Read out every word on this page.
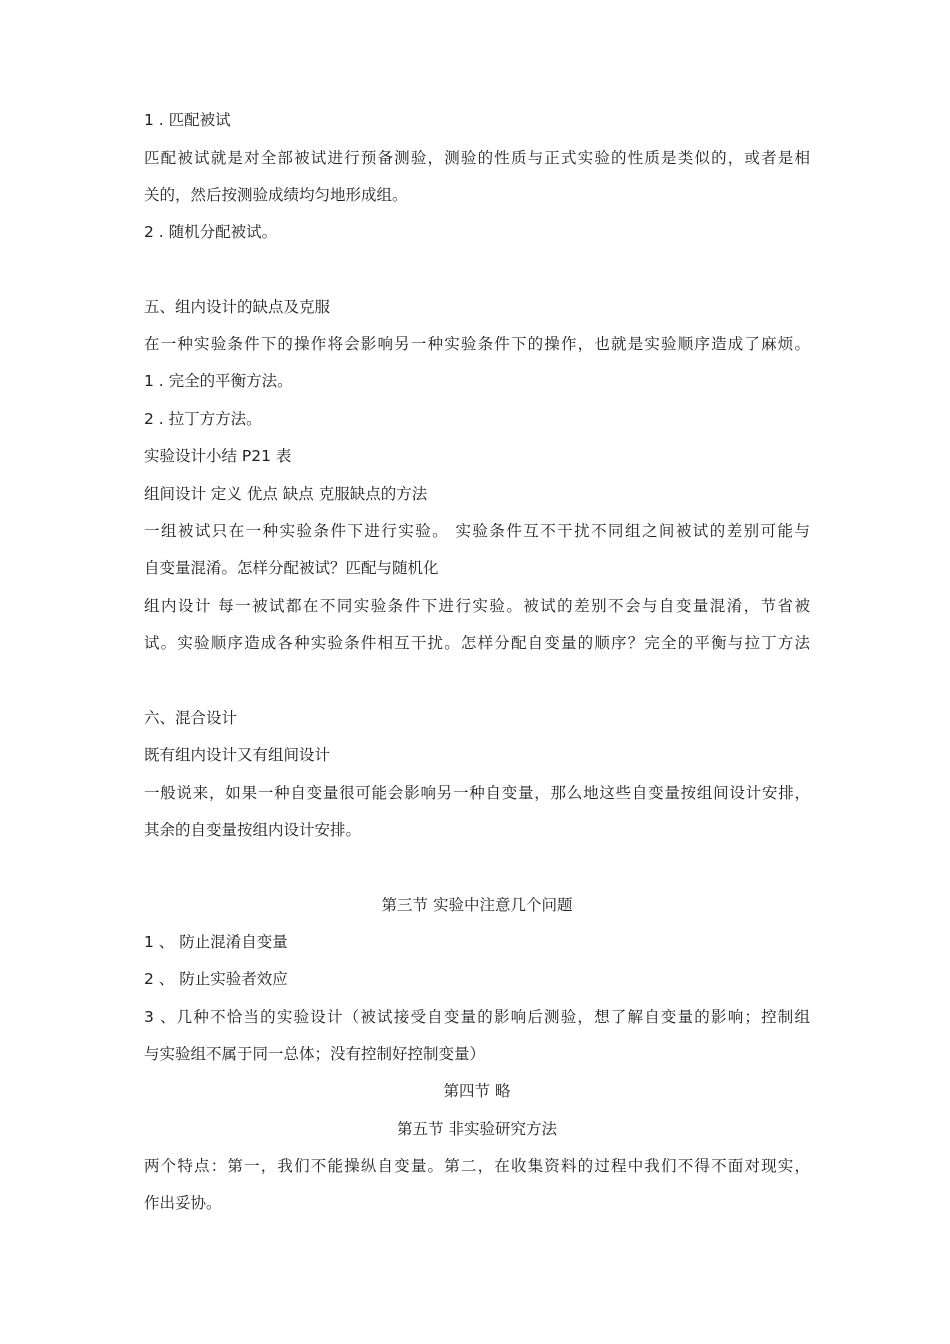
1 . 匹配被试
匹配被试就是对全部被试进行预备测验，测验的性质与正式实验的性质是类似的，或者是相
关的，然后按测验成绩均匀地形成组。
2 . 随机分配被试。
五、组内设计的缺点及克服
在一种实验条件下的操作将会影响另一种实验条件下的操作，也就是实验顺序造成了麻烦。
1 . 完全的平衡方法。
2 . 拉丁方方法。
实验设计小结 P21 表
组间设计 定义 优点 缺点 克服缺点的方法
一组被试只在一种实验条件下进行实验。 实验条件互不干扰不同组之间被试的差别可能与
自变量混淆。怎样分配被试？匹配与随机化
组内设计 每一被试都在不同实验条件下进行实验。被试的差别不会与自变量混淆，节省被
试。实验顺序造成各种实验条件相互干扰。怎样分配自变量的顺序？完全的平衡与拉丁方法
六、混合设计
既有组内设计又有组间设计
一般说来，如果一种自变量很可能会影响另一种自变量，那么地这些自变量按组间设计安排，
其余的自变量按组内设计安排。
第三节 实验中注意几个问题
1 、 防止混淆自变量
2 、 防止实验者效应
3 、几种不恰当的实验设计（被试接受自变量的影响后测验，想了解自变量的影响；控制组
与实验组不属于同一总体；没有控制好控制变量）
第四节 略
第五节 非实验研究方法
两个特点：第一，我们不能操纵自变量。第二，在收集资料的过程中我们不得不面对现实，
作出妥协。
